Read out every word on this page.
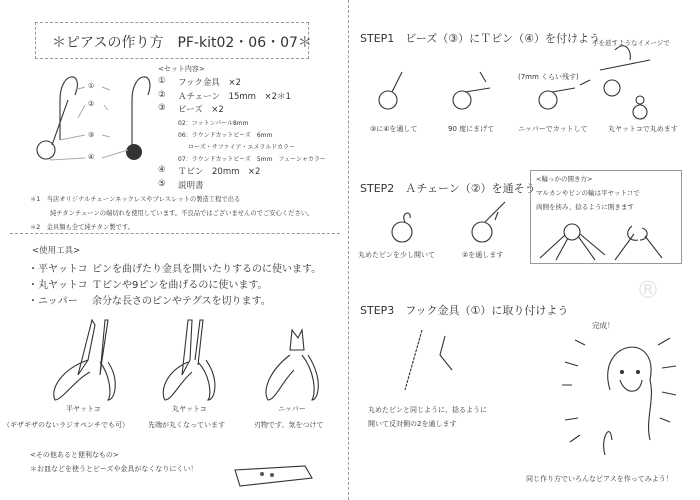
®
＊ピアスの作り方　PF-kit02・06・07＊
①
②
③
④
<セット内容>
① フック金具　×2
② Ａチェーン　15mm　×2＊1
③ ビーズ　×2
02：コットンパール8mm
06：ラウンドカットビーズ　6mm
ローズ・サファイア・エメラルドカラー
07：ラウンドカットビーズ　5mm　フューシャカラー
④ Ｔピン　20mm　×2
⑤ 説明書
＊1　当店オリジナルチェーンネックレスやブレスレットの製造工程で出る
純チタンチェーンの端切れを使用しています。不良品ではございませんのでご安心ください。
＊2　金具類も全て純チタン製です。
<使用工具>
・平ヤットコ ピンを曲げたり金具を開いたりするのに使います。
・丸ヤットコ Ｔピンや9ピンを曲げるのに使います。
・ニッパー 余分な長さのピンやテグスを切ります。
平ヤットコ
（ギザギザのないラジオペンチでも可）
丸ヤットコ
先端が丸くなっています
ニッパー
刃物です、気をつけて
<その他あると便利なもの>
＊お皿などを使うとビーズや金具がなくなりにくい！
STEP1　ビーズ（③）にＴピン（④）を付けよう
手を返すようなイメージで
(7mm くらい残す)
③に④を通して	90 度にまげて	ニッパーでカットして	丸ヤットコで丸めます
STEP2　Ａチェーン（②）を通そう
丸めたピンを少し開いて	②を通します
<輪っかの開き方>
マルカンやピンの輪は平ヤットコで
両側を挟み、捻るように開きます
STEP3　フック金具（①）に取り付けよう
丸めたピンと同じように、捻るように
開いて反対側の2を通します
完成！
同じ作り方でいろんなピアスを作ってみよう！
